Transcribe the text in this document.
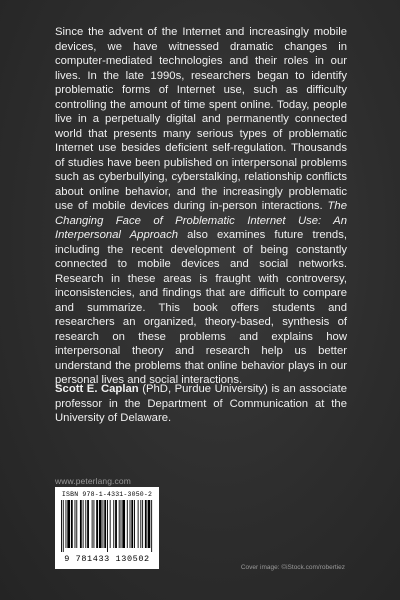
Since the advent of the Internet and increasingly mobile devices, we have witnessed dramatic changes in computer-mediated technologies and their roles in our lives. In the late 1990s, researchers began to identify problematic forms of Internet use, such as difficulty controlling the amount of time spent online. Today, people live in a perpetually digital and permanently connected world that presents many serious types of problematic Internet use besides deficient self-regulation. Thousands of studies have been published on interpersonal problems such as cyberbullying, cyberstalking, relationship conflicts about online behavior, and the increasingly problematic use of mobile devices during in-person interactions. The Changing Face of Problematic Internet Use: An Interpersonal Approach also examines future trends, including the recent development of being constantly connected to mobile devices and social networks. Research in these areas is fraught with controversy, inconsistencies, and findings that are difficult to compare and summarize. This book offers students and researchers an organized, theory-based, synthesis of research on these problems and explains how interpersonal theory and research help us better understand the problems that online behavior plays in our personal lives and social interactions.

Scott E. Caplan (PhD, Purdue University) is an associate professor in the Department of Communication at the University of Delaware.

www.peterlang.com
ISBN 978-1-4331-3050-2
9 781433 130502
Cover image: ©iStock.com/robertiez
